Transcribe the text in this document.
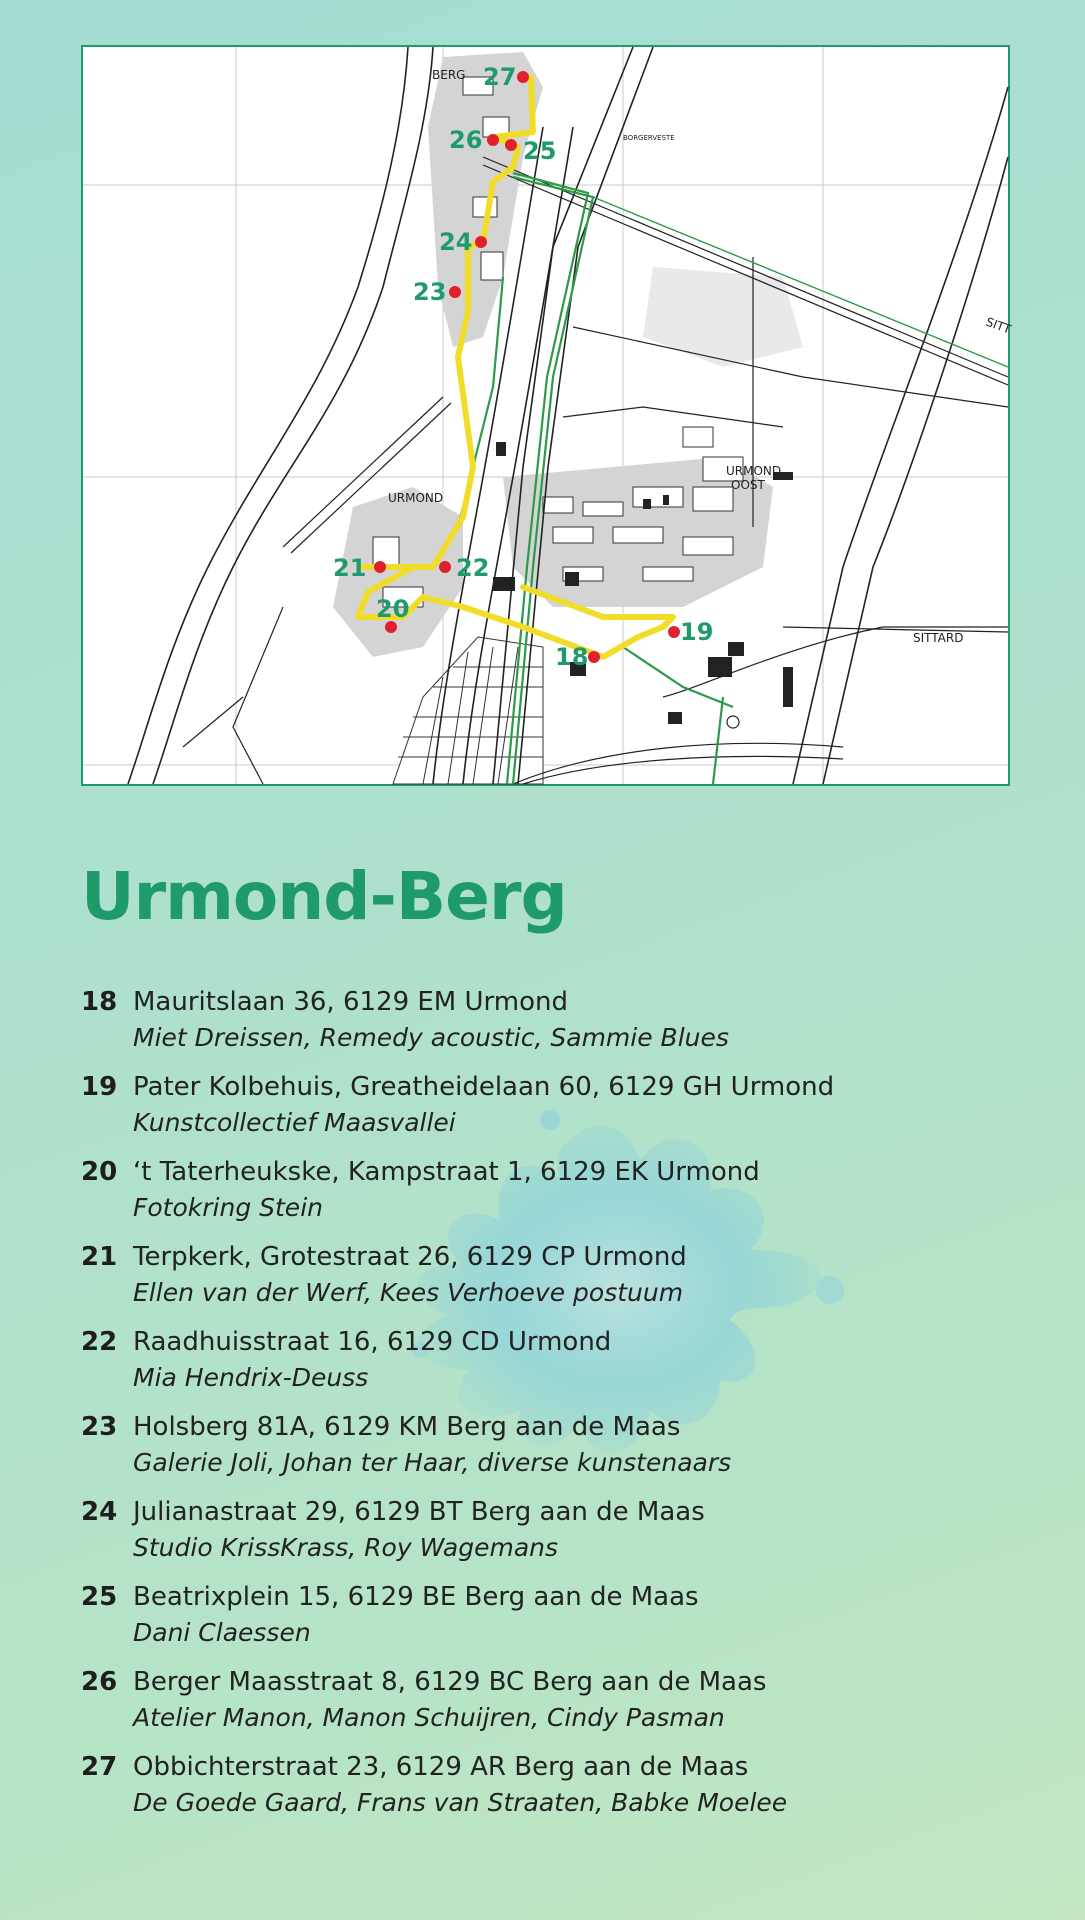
BERG
URMOND
URMOND
OOST
SITTARD
SITT
BORGERVESTE
27
26 25
24
23
21	22
20
19
18
Urmond-Berg
18 Mauritslaan 36, 6129 EM Urmond
Miet Dreissen, Remedy acoustic, Sammie Blues
19 Pater Kolbehuis, Greatheidelaan 60, 6129 GH Urmond
Kunstcollectief Maasvallei
20 ‘t Taterheukske, Kampstraat 1, 6129 EK Urmond
Fotokring Stein
21 Terpkerk, Grotestraat 26, 6129 CP Urmond
Ellen van der Werf, Kees Verhoeve postuum
22 Raadhuisstraat 16, 6129 CD Urmond
Mia Hendrix-Deuss
23 Holsberg 81A, 6129 KM Berg aan de Maas
Galerie Joli, Johan ter Haar, diverse kunstenaars
24 Julianastraat 29, 6129 BT Berg aan de Maas
Studio KrissKrass, Roy Wagemans
25 Beatrixplein 15, 6129 BE Berg aan de Maas
Dani Claessen
26 Berger Maasstraat 8, 6129 BC Berg aan de Maas
Atelier Manon, Manon Schuijren, Cindy Pasman
27 Obbichterstraat 23, 6129 AR Berg aan de Maas
De Goede Gaard, Frans van Straaten, Babke Moelee
